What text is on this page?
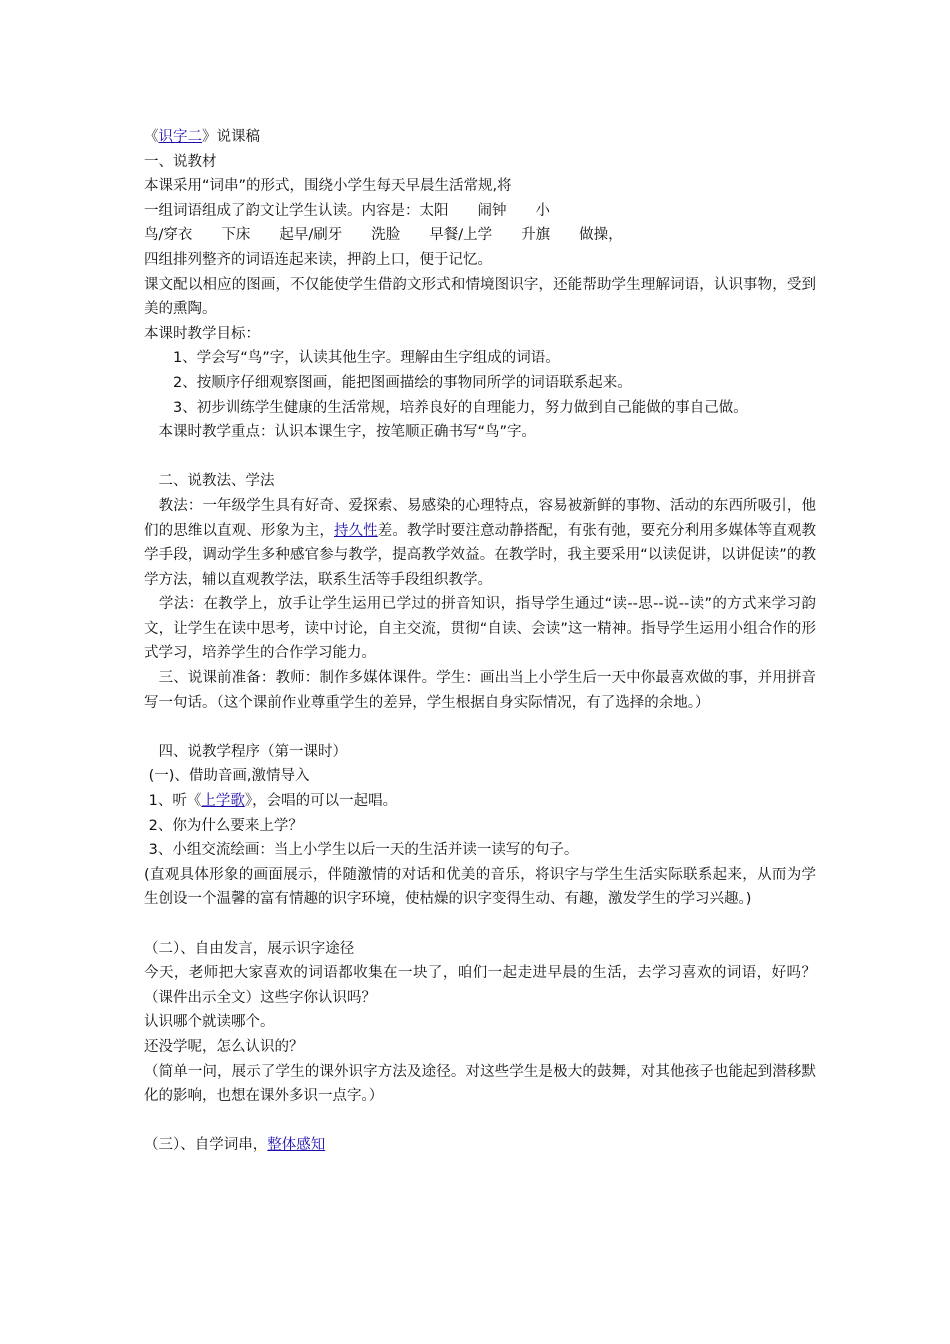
《识字二》说课稿
一、说教材
本课采用“词串”的形式，围绕小学生每天早晨生活常规,将
一组词语组成了韵文让学生认读。内容是：太阳　　闹钟　　小
鸟/穿衣　　下床　　起早/刷牙　　洗脸　　早餐/上学　　升旗　　做操，
四组排列整齐的词语连起来读，押韵上口，便于记忆。
课文配以相应的图画，不仅能使学生借韵文形式和情境图识字，还能帮助学生理解词语，认识事物，受到美的熏陶。
本课时教学目标：
　　1、学会写“鸟”字，认读其他生字。理解由生字组成的词语。
　　2、按顺序仔细观察图画，能把图画描绘的事物同所学的词语联系起来。
　　3、初步训练学生健康的生活常规，培养良好的自理能力，努力做到自己能做的事自己做。
　本课时教学重点：认识本课生字，按笔顺正确书写“鸟”字。
　二、说教法、学法
　教法：一年级学生具有好奇、爱探索、易感染的心理特点，容易被新鲜的事物、活动的东西所吸引，他们的思维以直观、形象为主，持久性差。教学时要注意动静搭配，有张有弛，要充分利用多媒体等直观教学手段，调动学生多种感官参与教学，提高教学效益。在教学时，我主要采用“以读促讲，以讲促读”的教学方法，辅以直观教学法，联系生活等手段组织教学。
　学法：在教学上，放手让学生运用已学过的拼音知识，指导学生通过“读--思--说--读”的方式来学习韵文，让学生在读中思考，读中讨论，自主交流，贯彻“自读、会读”这一精神。指导学生运用小组合作的形式学习，培养学生的合作学习能力。
　三、说课前准备：教师：制作多媒体课件。学生：画出当上小学生后一天中你最喜欢做的事，并用拼音写一句话。（这个课前作业尊重学生的差异，学生根据自身实际情况，有了选择的余地。）
　四、说教学程序（第一课时）
(一)、借助音画,激情导入
1、听《上学歌》，会唱的可以一起唱。
2、你为什么要来上学？
3、小组交流绘画：当上小学生以后一天的生活并读一读写的句子。
(直观具体形象的画面展示，伴随激情的对话和优美的音乐，将识字与学生生活实际联系起来，从而为学生创设一个温馨的富有情趣的识字环境，使枯燥的识字变得生动、有趣，激发学生的学习兴趣。)
（二）、自由发言，展示识字途径
今天，老师把大家喜欢的词语都收集在一块了，咱们一起走进早晨的生活，去学习喜欢的词语，好吗？（课件出示全文）这些字你认识吗？
认识哪个就读哪个。
还没学呢，怎么认识的？
（简单一问，展示了学生的课外识字方法及途径。对这些学生是极大的鼓舞，对其他孩子也能起到潜移默化的影响，也想在课外多识一点字。）
（三）、自学词串，整体感知
